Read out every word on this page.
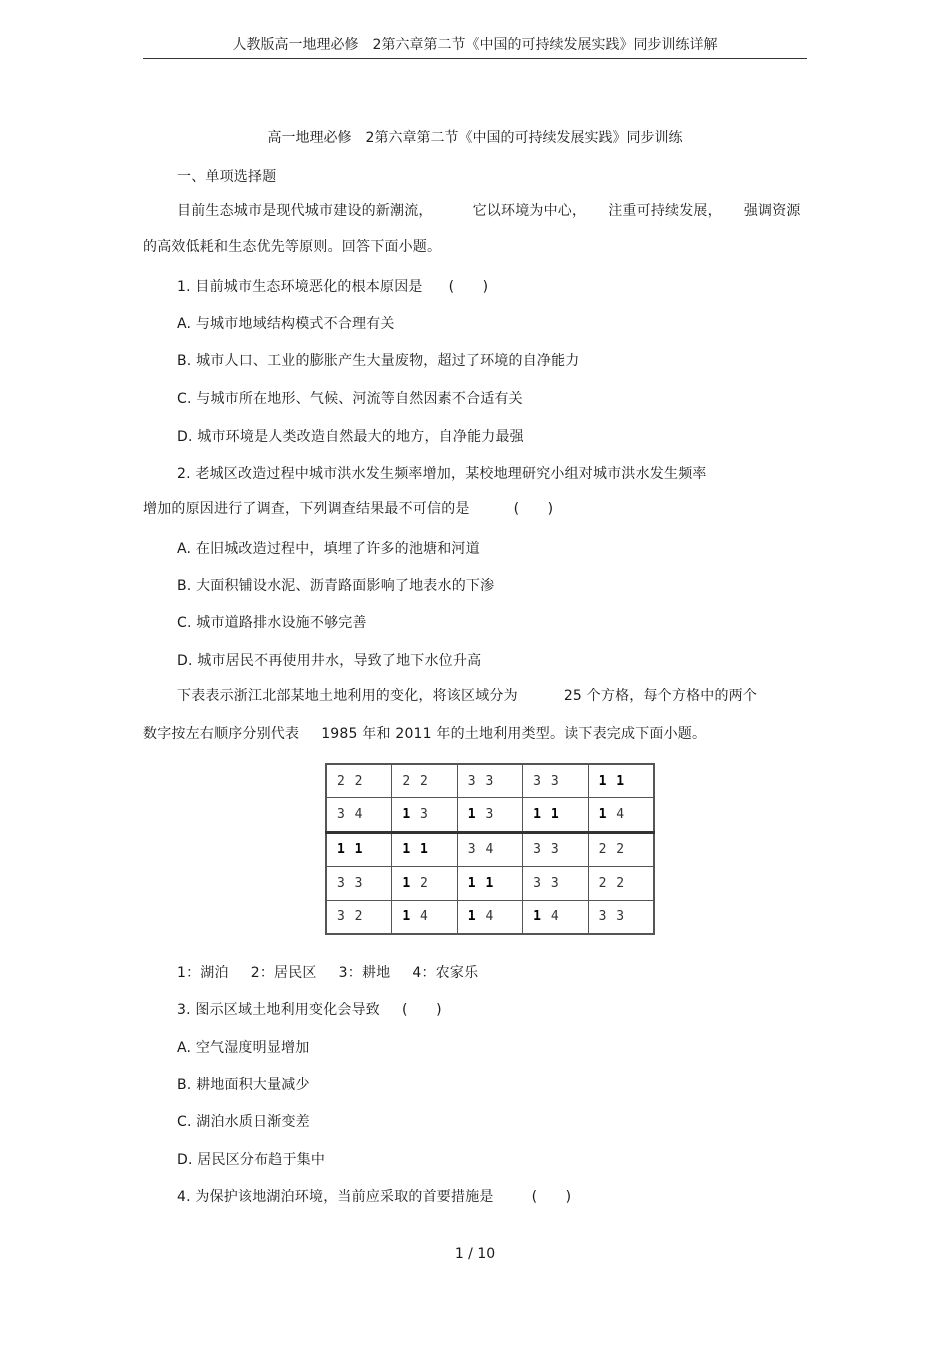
人教版高一地理必修　2第六章第二节《中国的可持续发展实践》同步训练详解
高一地理必修　2第六章第二节《中国的可持续发展实践》同步训练
一、单项选择题
目前生态城市是现代城市建设的新潮流，	它以环境为中心， 注重可持续发展， 强调资源
的高效低耗和生态优先等原则。回答下面小题。
1. 目前城市生态环境恶化的根本原因是 (　　)
A. 与城市地域结构模式不合理有关
B. 城市人口、工业的膨胀产生大量废物，超过了环境的自净能力
C. 与城市所在地形、气候、河流等自然因素不合适有关
D. 城市环境是人类改造自然最大的地方，自净能力最强
2. 老城区改造过程中城市洪水发生频率增加，某校地理研究小组对城市洪水发生频率
增加的原因进行了调查，下列调查结果最不可信的是	(　　)
A. 在旧城改造过程中，填埋了许多的池塘和河道
B. 大面积铺设水泥、沥青路面影响了地表水的下渗
C. 城市道路排水设施不够完善
D. 城市居民不再使用井水，导致了地下水位升高
下表表示浙江北部某地土地利用的变化，将该区域分为	25 个方格，每个方格中的两个
数字按左右顺序分别代表 1985 年和 2011 年的土地利用类型。读下表完成下面小题。
2  2	2  2	3  3	3  3	1  1
3  4	1  3	1  3	1  1	1  4
1  1	1  1	3  4	3  3	2  2
3  3	1  2	1  1	3  3	2  2
3  2	1  4	1  4	1  4	3  3
1：湖泊 2：居民区 3：耕地 4：农家乐
3. 图示区域土地利用变化会导致 (　　)
A. 空气湿度明显增加
B. 耕地面积大量减少
C. 湖泊水质日渐变差
D. 居民区分布趋于集中
4. 为保护该地湖泊环境，当前应采取的首要措施是	(　　)
1 / 10
